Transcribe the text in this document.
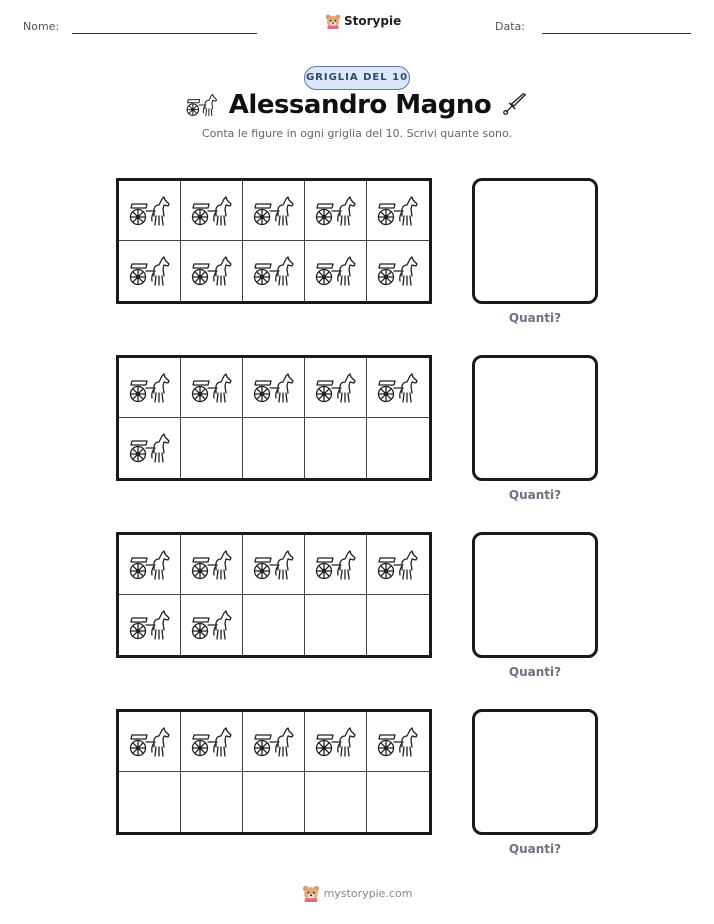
Nome:	Storypie	Data:
GRIGLIA DEL 10
Alessandro Magno
Conta le figure in ogni griglia del 10. Scrivi quante sono.
Quanti?
Quanti?
Quanti?
Quanti?
mystorypie.com
